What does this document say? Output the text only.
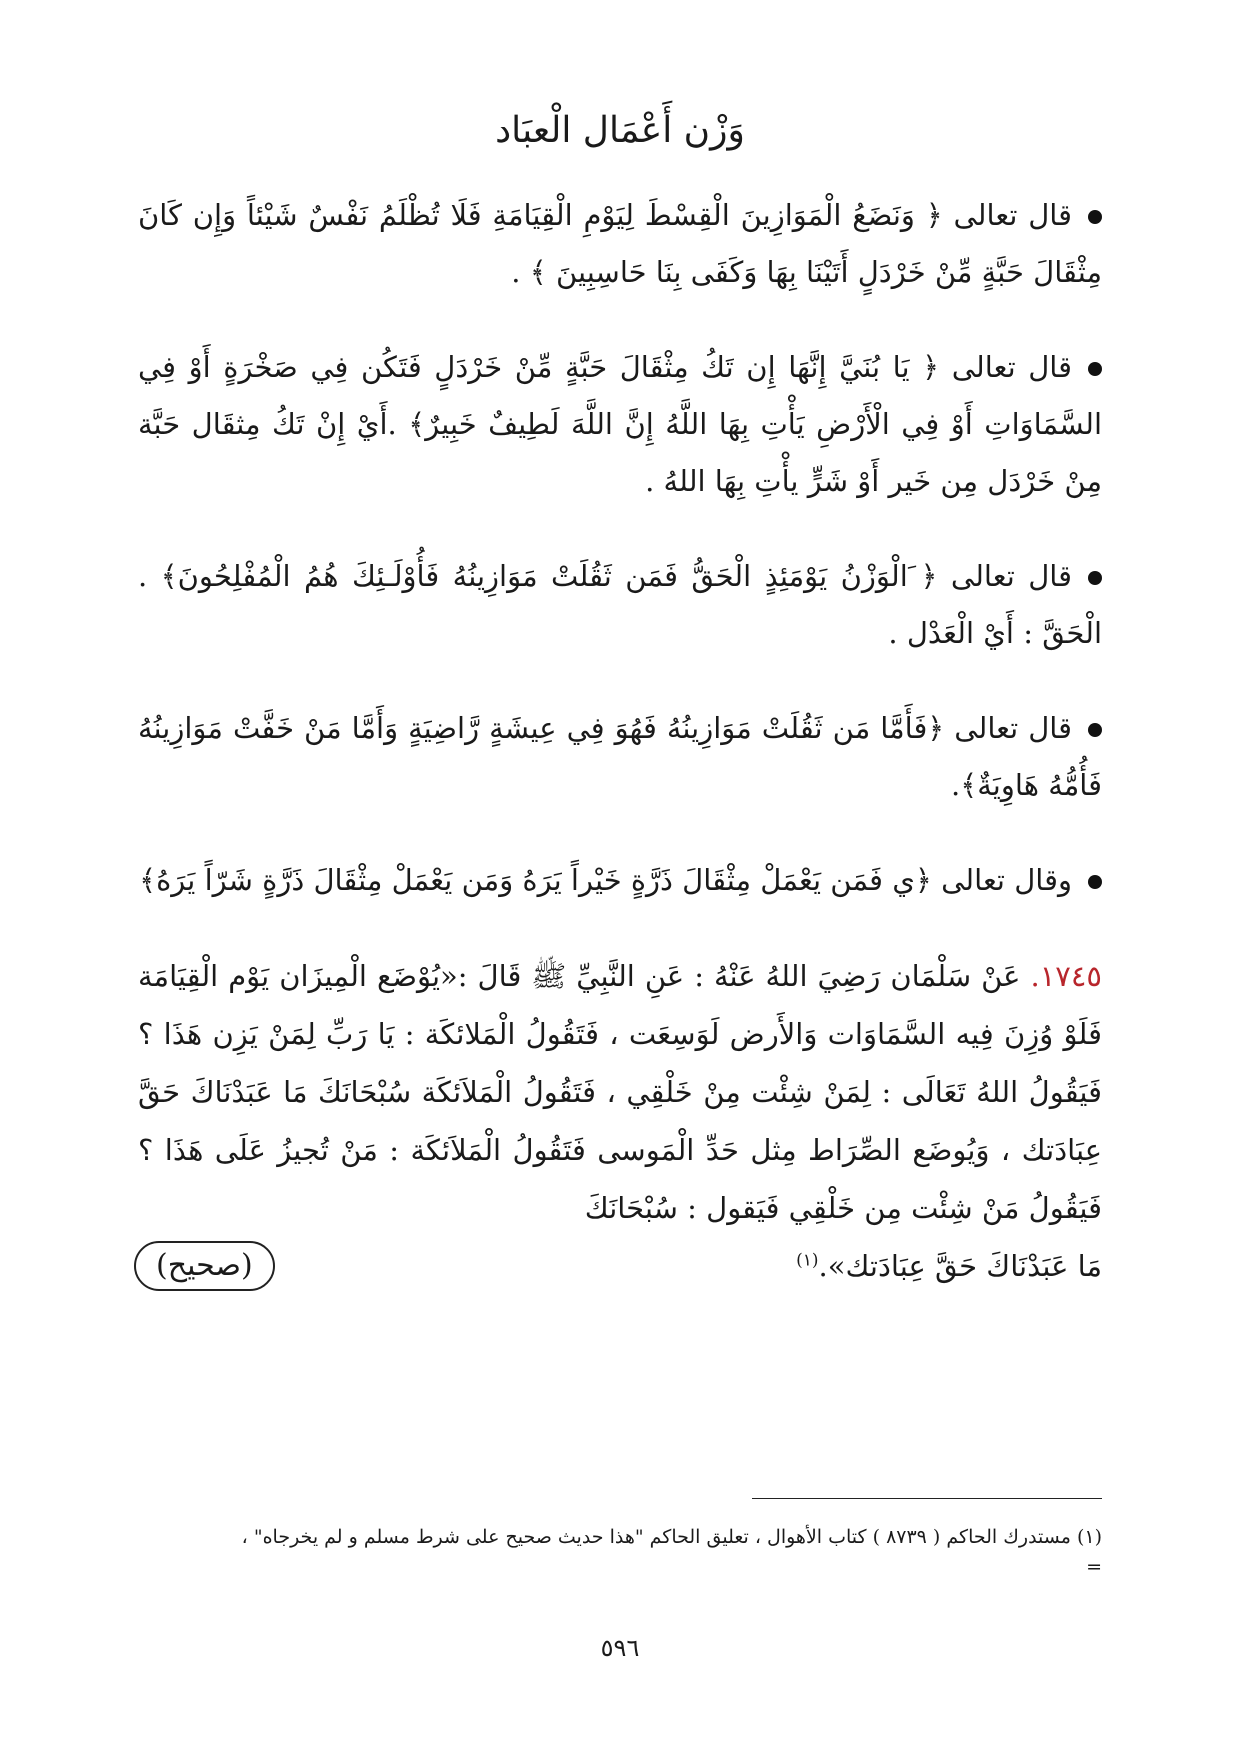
وَزْن أَعْمَال الْعبَاد
قال تعالى ﴿ وَنَضَعُ الْمَوَازِينَ الْقِسْطَ لِيَوْمِ الْقِيَامَةِ فَلَا تُظْلَمُ نَفْسٌ شَيْئاً وَإِن كَانَ مِثْقَالَ حَبَّةٍ مِّنْ خَرْدَلٍ أَتَيْنَا بِهَا وَكَفَى بِنَا حَاسِبِينَ ﴾ .
قال تعالى ﴿ يَا بُنَيَّ إِنَّهَا إِن تَكُ مِثْقَالَ حَبَّةٍ مِّنْ خَرْدَلٍ فَتَكُن فِي صَخْرَةٍ أَوْ فِي السَّمَاوَاتِ أَوْ فِي الْأَرْضِ يَأْتِ بِهَا اللَّهُ إِنَّ اللَّهَ لَطِيفٌ خَبِيرٌ﴾ .أَيْ إِنْ تَكُ مِثقَال حَبَّة مِنْ خَرْدَل مِن خَير أَوْ شَرٍّ يأْتِ بِهَا اللهُ .
قال تعالى ﴿ َالْوَزْنُ يَوْمَئِذٍ الْحَقُّ فَمَن ثَقُلَتْ مَوَازِينُهُ فَأُوْلَـئِكَ هُمُ الْمُفْلِحُونَ﴾ . الْحَقَّ : أَيْ الْعَدْل .
قال تعالى ﴿فَأَمَّا مَن ثَقُلَتْ مَوَازِينُهُ فَهُوَ فِي عِيشَةٍ رَّاضِيَةٍ وَأَمَّا مَنْ خَفَّتْ مَوَازِينُهُ فَأُمُّهُ هَاوِيَةٌ﴾.
وقال تعالى ﴿ي فَمَن يَعْمَلْ مِثْقَالَ ذَرَّةٍ خَيْراً يَرَهُ وَمَن يَعْمَلْ مِثْقَالَ ذَرَّةٍ شَرّاً يَرَهُ﴾
١٧٤٥. عَنْ سَلْمَان رَضِيَ اللهُ عَنْهُ : عَنِ النَّبِيِّ ﷺ قَالَ :«يُوْضَع الْمِيزَان يَوْم الْقِيَامَة فَلَوْ وُزِنَ فِيه السَّمَاوَات وَالأَرض لَوَسِعَت ، فَتَقُولُ الْمَلائكَة : يَا رَبِّ لِمَنْ يَزِن هَذَا ؟ فَيَقُولُ اللهُ تَعَالَى : لِمَنْ شِئْت مِنْ خَلْقِي ، فَتَقُولُ الْمَلاَئكَة سُبْحَانَكَ مَا عَبَدْنَاكَ حَقَّ عِبَادَتك ، وَيُوضَع الصِّرَاط مِثل حَدِّ الْمَوسى فَتَقُولُ الْمَلاَئكَة : مَنْ تُجيزُ عَلَى هَذَا ؟ فَيَقُولُ مَنْ شِئْت مِن خَلْقِي فَيَقول : سُبْحَانَكَ
مَا عَبَدْنَاكَ حَقَّ عِبَادَتك».$^{(١)}$
(صحيح)
(١) مستدرك الحاكم ( ٨٧٣٩ ) كتاب الأهوال ، تعليق الحاكم "هذا حديث صحيح على شرط مسلم و لم يخرجاه" ،
=
٥٩٦
